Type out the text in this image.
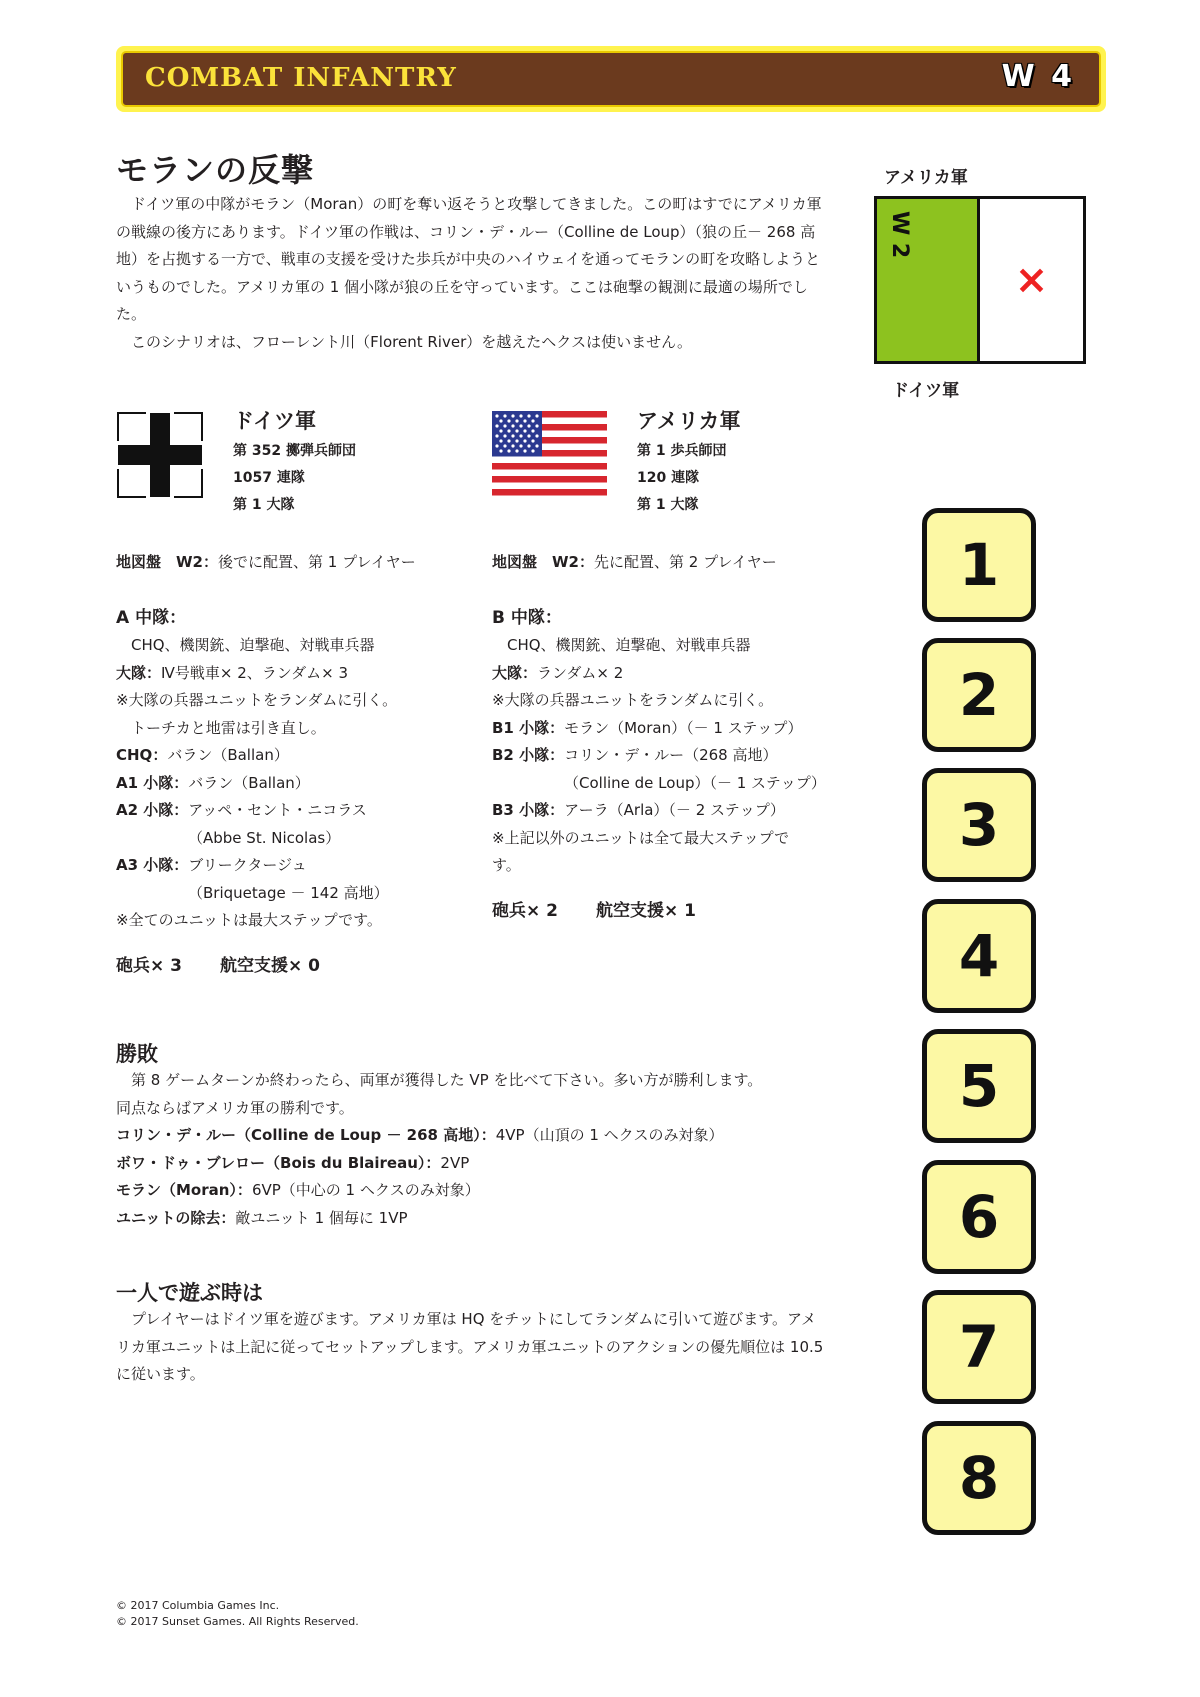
COMBAT INFANTRY	W 4
モランの反撃

ドイツ軍の中隊がモラン（Moran）の町を奪い返そうと攻撃してきました。この町はすでにアメリカ軍の戦線の後方にあります。ドイツ軍の作戦は、コリン・デ・ルー（Colline de Loup）（狼の丘－ 268 高地）を占拠する一方で、戦車の支援を受けた歩兵が中央のハイウェイを通ってモランの町を攻略しようというものでした。アメリカ軍の 1 個小隊が狼の丘を守っています。ここは砲撃の観測に最適の場所でした。

このシナリオは、フローレント川（Florent River）を越えたヘクスは使いません。

アメリカ軍
W 2
×
ドイツ軍
ドイツ軍
第 352 擲弾兵師団
1057 連隊
第 1 大隊
地図盤　W2：後でに配置、第 1 プレイヤー
A 中隊：
CHQ、機関銃、迫撃砲、対戦車兵器
大隊：Ⅳ号戦車× 2、ランダム× 3
※大隊の兵器ユニットをランダムに引く。
トーチカと地雷は引き直し。
CHQ：バラン（Ballan）
A1 小隊：バラン（Ballan）
A2 小隊：アッペ・セント・ニコラス
（Abbe St. Nicolas）
A3 小隊：ブリークタージュ
（Briquetage － 142 高地）
※全てのユニットは最大ステップです。
砲兵× 3 航空支援× 0
アメリカ軍
第 1 歩兵師団
120 連隊
第 1 大隊
地図盤　W2：先に配置、第 2 プレイヤー
B 中隊：
CHQ、機関銃、迫撃砲、対戦車兵器
大隊：ランダム× 2
※大隊の兵器ユニットをランダムに引く。
B1 小隊：モラン（Moran）（－ 1 ステップ）
B2 小隊：コリン・デ・ルー（268 高地）
（Colline de Loup）（－ 1 ステップ）
B3 小隊：アーラ（Arla）（－ 2 ステップ）
※上記以外のユニットは全て最大ステップで
す。
砲兵× 2 航空支援× 1
勝敗
第 8 ゲームターンか終わったら、両軍が獲得した VP を比べて下さい。多い方が勝利します。
同点ならばアメリカ軍の勝利です。
コリン・デ・ルー（Colline de Loup － 268 高地）：4VP（山頂の 1 ヘクスのみ対象）
ボワ・ドゥ・ブレロー（Bois du Blaireau）：2VP
モラン（Moran）：6VP（中心の 1 ヘクスのみ対象）
ユニットの除去：敵ユニット 1 個毎に 1VP
一人で遊ぶ時は

プレイヤーはドイツ軍を遊びます。アメリカ軍は HQ をチットにしてランダムに引いて遊びます。アメリカ軍ユニットは上記に従ってセットアップします。アメリカ軍ユニットのアクションの優先順位は 10.5 に従います。

1
2
3
4
5
6
7
8
© 2017 Columbia Games Inc.
© 2017 Sunset Games. All Rights Reserved.
